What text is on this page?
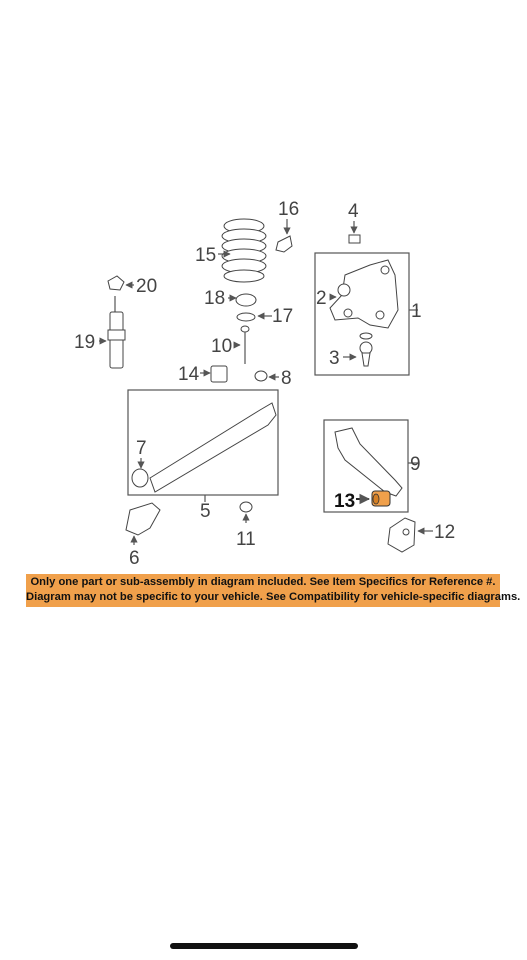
16
15
18
17
10
14	8
4
1
2
3
20
19
5
7
6
11
9
13
12
Only one part or sub-assembly in diagram included. See Item Specifics for Reference #.
Diagram may not be specific to your vehicle. See Compatibility for vehicle-specific diagrams.
